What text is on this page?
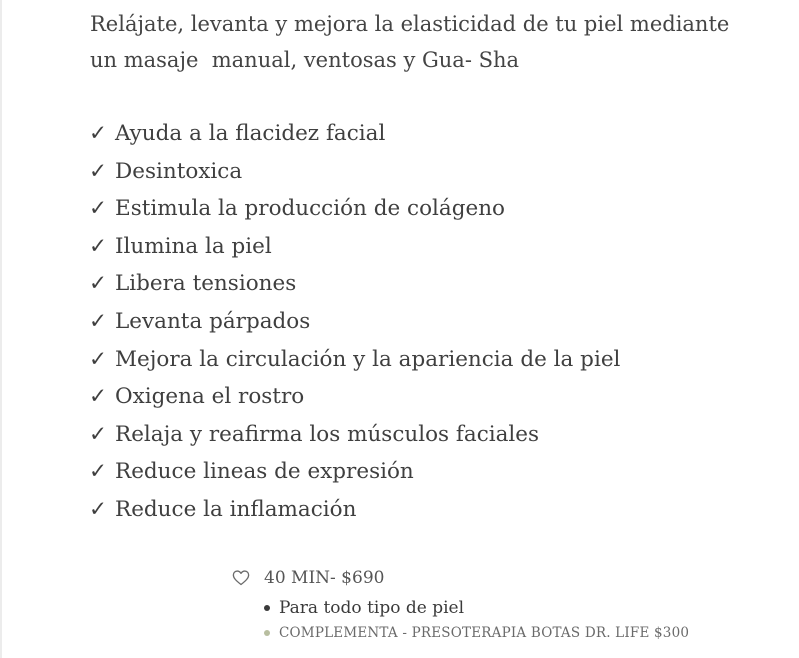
Relájate, levanta y mejora la elasticidad de tu piel mediante
un masaje  manual, ventosas y Gua- Sha
✓ Ayuda a la flacidez facial
✓ Desintoxica
✓ Estimula la producción de colágeno
✓ Ilumina la piel
✓ Libera tensiones
✓ Levanta párpados
✓ Mejora la circulación y la apariencia de la piel
✓ Oxigena el rostro
✓ Relaja y reafirma los músculos faciales
✓ Reduce lineas de expresión
✓ Reduce la inflamación
40 MIN- $690
Para todo tipo de piel
COMPLEMENTA - PRESOTERAPIA BOTAS DR. LIFE $300
